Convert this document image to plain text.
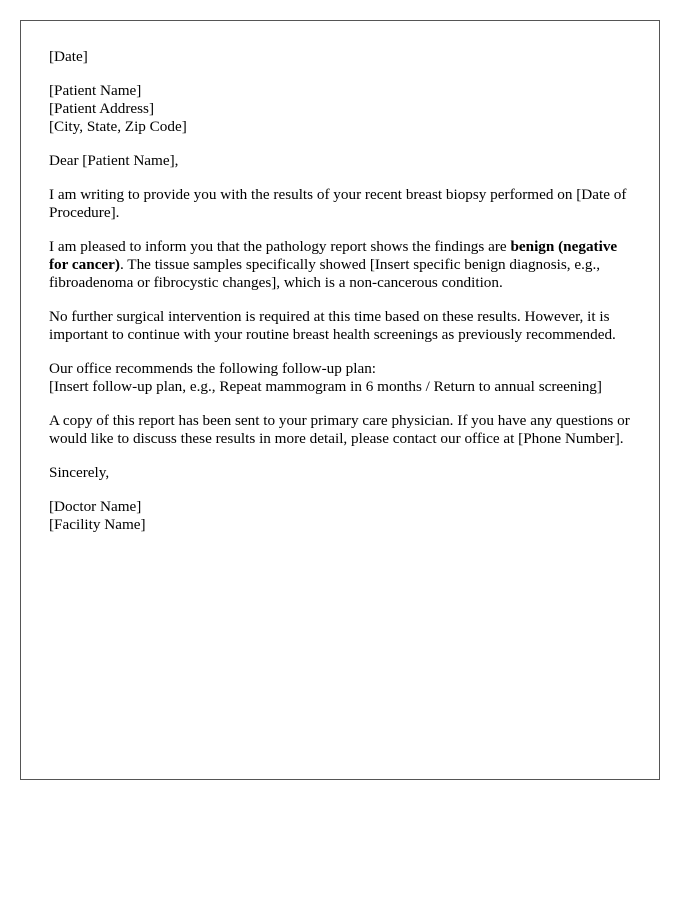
[Date]

[Patient Name]
[Patient Address]
[City, State, Zip Code]

Dear [Patient Name],

I am writing to provide you with the results of your recent breast biopsy performed on [Date of Procedure].

I am pleased to inform you that the pathology report shows the findings are benign (negative for cancer). The tissue samples specifically showed [Insert specific benign diagnosis, e.g., fibroadenoma or fibrocystic changes], which is a non-cancerous condition.

No further surgical intervention is required at this time based on these results. However, it is important to continue with your routine breast health screenings as previously recommended.

Our office recommends the following follow-up plan:
[Insert follow-up plan, e.g., Repeat mammogram in 6 months / Return to annual screening]

A copy of this report has been sent to your primary care physician. If you have any questions or would like to discuss these results in more detail, please contact our office at [Phone Number].

Sincerely,

[Doctor Name]
[Facility Name]
